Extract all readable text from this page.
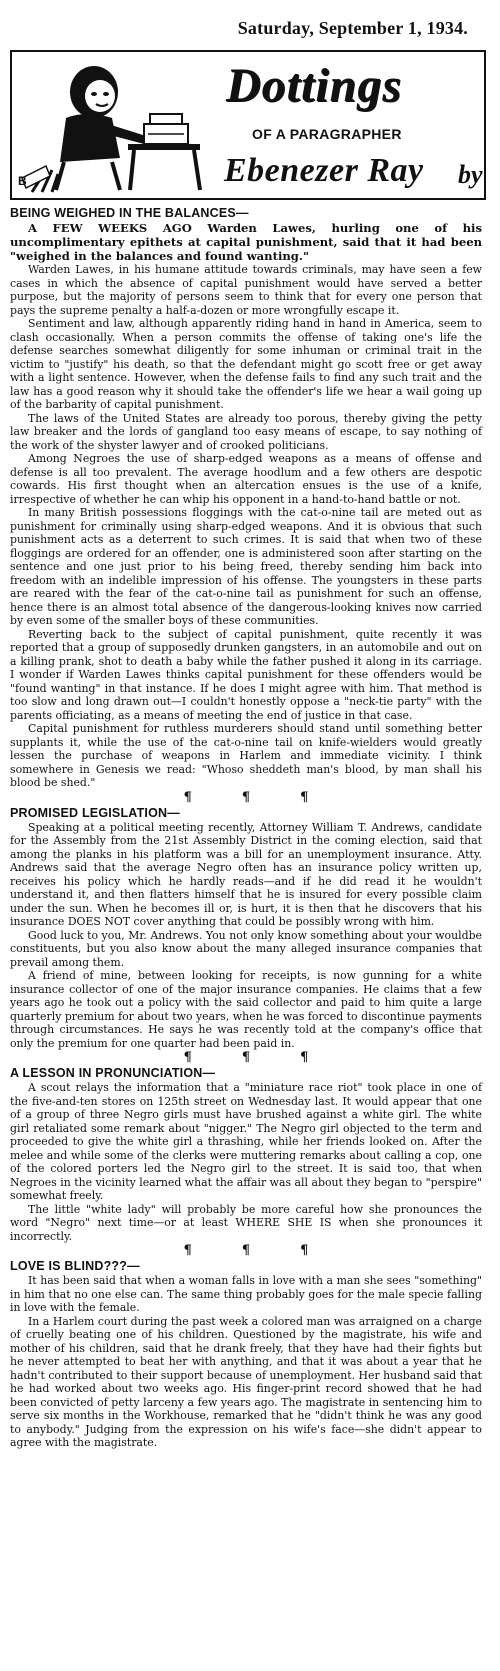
Saturday, September 1, 1934.
Dottings
OF A PARAGRAPHER
Ebenezer Ray by
B
BEING WEIGHED IN THE BALANCES—

A FEW WEEKS AGO Warden Lawes, hurling one of his uncomplimentary epithets at capital punishment, said that it had been "weighed in the balances and found wanting."

Warden Lawes, in his humane attitude towards criminals, may have seen a few cases in which the absence of capital punishment would have served a better purpose, but the majority of persons seem to think that for every one person that pays the supreme penalty a half-a-dozen or more wrongfully escape it.

Sentiment and law, although apparently riding hand in hand in America, seem to clash occasionally. When a person commits the offense of taking one's life the defense searches somewhat diligently for some inhuman or criminal trait in the victim to "justify" his death, so that the defendant might go scott free or get away with a light sentence. However, when the defense fails to find any such trait and the law has a good reason why it should take the offender's life we hear a wail going up of the barbarity of capital punishment.

The laws of the United States are already too porous, thereby giving the petty law breaker and the lords of gangland too easy means of escape, to say nothing of the work of the shyster lawyer and of crooked politicians.

Among Negroes the use of sharp-edged weapons as a means of offense and defense is all too prevalent. The average hoodlum and a few others are despotic cowards. His first thought when an altercation ensues is the use of a knife, irrespective of whether he can whip his opponent in a hand-to-hand battle or not.

In many British possessions floggings with the cat-o-nine tail are meted out as punishment for criminally using sharp-edged weapons. And it is obvious that such punishment acts as a deterrent to such crimes. It is said that when two of these floggings are ordered for an offender, one is administered soon after starting on the sentence and one just prior to his being freed, thereby sending him back into freedom with an indelible impression of his offense. The youngsters in these parts are reared with the fear of the cat-o-nine tail as punishment for such an offense, hence there is an almost total absence of the dangerous-looking knives now carried by even some of the smaller boys of these communities.

Reverting back to the subject of capital punishment, quite recently it was reported that a group of supposedly drunken gangsters, in an automobile and out on a killing prank, shot to death a baby while the father pushed it along in its carriage. I wonder if Warden Lawes thinks capital punishment for these offenders would be "found wanting" in that instance. If he does I might agree with him. That method is too slow and long drawn out—I couldn't honestly oppose a "neck-tie party" with the parents officiating, as a means of meeting the end of justice in that case.

Capital punishment for ruthless murderers should stand until something better supplants it, while the use of the cat-o-nine tail on knife-wielders would greatly lessen the purchase of weapons in Harlem and immediate vicinity. I think somewhere in Genesis we read: "Whoso sheddeth man's blood, by man shall his blood be shed."

¶¶¶
PROMISED LEGISLATION—

Speaking at a political meeting recently, Attorney William T. Andrews, candidate for the Assembly from the 21st Assembly District in the coming election, said that among the planks in his platform was a bill for an unemployment insurance. Atty. Andrews said that the average Negro often has an insurance policy written up, receives his policy which he hardly reads—and if he did read it he wouldn't understand it, and then flatters himself that he is insured for every possible claim under the sun. When he becomes ill or, is hurt, it is then that he discovers that his insurance DOES NOT cover anything that could be possibly wrong with him.

Good luck to you, Mr. Andrews. You not only know something about your wouldbe constituents, but you also know about the many alleged insurance companies that prevail among them.

A friend of mine, between looking for receipts, is now gunning for a white insurance collector of one of the major insurance companies. He claims that a few years ago he took out a policy with the said collector and paid to him quite a large quarterly premium for about two years, when he was forced to discontinue payments through circumstances. He says he was recently told at the company's office that only the premium for one quarter had been paid in.

¶¶¶
A LESSON IN PRONUNCIATION—

A scout relays the information that a "miniature race riot" took place in one of the five-and-ten stores on 125th street on Wednesday last. It would appear that one of a group of three Negro girls must have brushed against a white girl. The white girl retaliated some remark about "nigger." The Negro girl objected to the term and proceeded to give the white girl a thrashing, while her friends looked on. After the melee and while some of the clerks were muttering remarks about calling a cop, one of the colored porters led the Negro girl to the street. It is said too, that when Negroes in the vicinity learned what the affair was all about they began to "perspire" somewhat freely.

The little "white lady" will probably be more careful how she pronounces the word "Negro" next time—or at least WHERE SHE IS when she pronounces it incorrectly.

¶¶¶
LOVE IS BLIND???—

It has been said that when a woman falls in love with a man she sees "something" in him that no one else can. The same thing probably goes for the male specie falling in love with the female.

In a Harlem court during the past week a colored man was arraigned on a charge of cruelly beating one of his children. Questioned by the magistrate, his wife and mother of his children, said that he drank freely, that they have had their fights but he never attempted to beat her with anything, and that it was about a year that he hadn't contributed to their support because of unemployment. Her husband said that he had worked about two weeks ago. His finger-print record showed that he had been convicted of petty larceny a few years ago. The magistrate in sentencing him to serve six months in the Workhouse, remarked that he "didn't think he was any good to anybody." Judging from the expression on his wife's face—she didn't appear to agree with the magistrate.
